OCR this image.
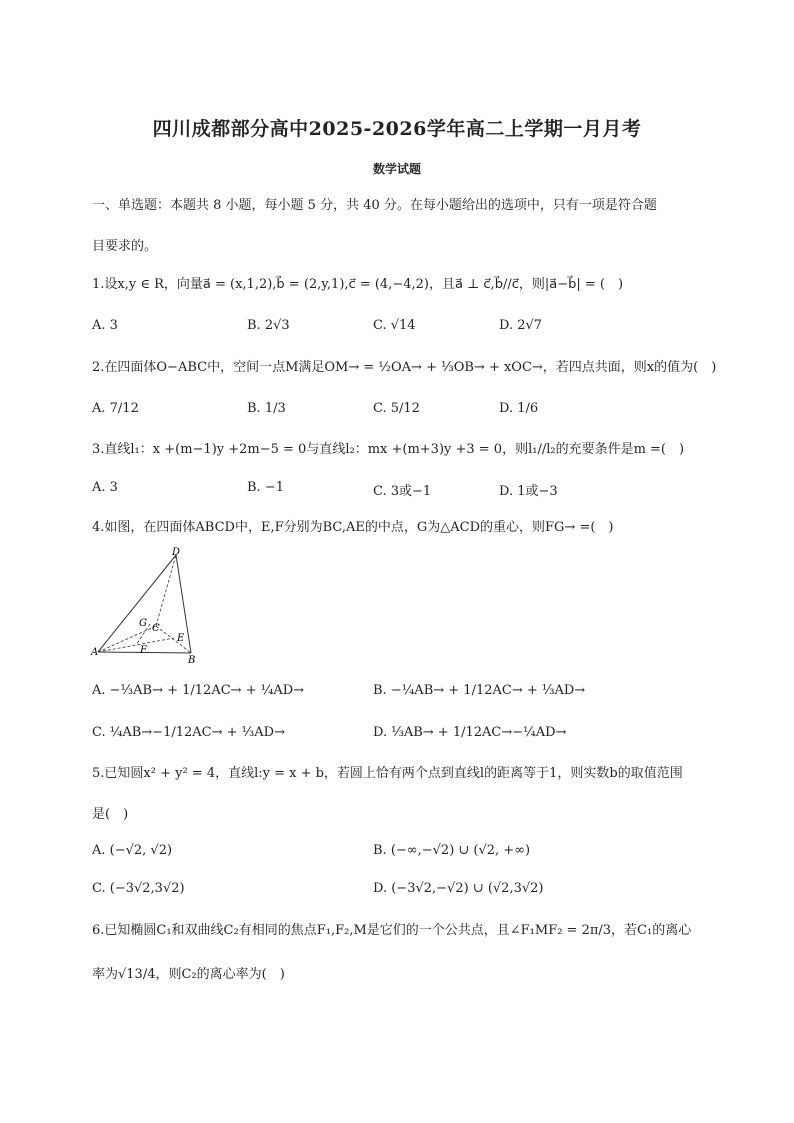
四川成都部分高中2025-2026学年高二上学期一月月考
数学试题
一、单选题：本题共 8 小题，每小题 5 分，共 40 分。在每小题给出的选项中，只有一项是符合题
目要求的。
1.设x,y ∈ R，向量a⃗ = (x,1,2),b⃗ = (2,y,1),c⃗ = (4,−4,2)，且a⃗ ⊥ c⃗,b⃗//c⃗，则|a⃗−b⃗| = (　)
A. 3	B. 2√3	C. √14	D. 2√7
2.在四面体O−ABC中，空间一点M满足OM→ = ½OA→ + ⅓OB→ + xOC→，若四点共面，则x的值为(　)
A. 7/12	B. 1/3	C. 5/12	D. 1/6
3.直线l₁：x +(m−1)y +2m−5 = 0与直线l₂：mx +(m+3)y +3 = 0，则l₁//l₂的充要条件是m =(　)
A. 3	B. −1	C. 3或−1	D. 1或−3
4.如图，在四面体ABCD中，E,F分别为BC,AE的中点，G为△ACD的重心，则FG→ =(　)
D
G C
E
A	F
B
A. −⅓AB→ + 1/12AC→ + ¼AD→	B. −¼AB→ + 1/12AC→ + ⅓AD→
C. ¼AB→−1/12AC→ + ⅓AD→	D. ⅓AB→ + 1/12AC→−¼AD→
5.已知圆x² + y² = 4，直线l:y = x + b，若圆上恰有两个点到直线l的距离等于1，则实数b的取值范围
是(　)
A. (−√2, √2)	B. (−∞,−√2) ∪ (√2, +∞)
C. (−3√2,3√2)	D. (−3√2,−√2) ∪ (√2,3√2)
6.已知椭圆C₁和双曲线C₂有相同的焦点F₁,F₂,M是它们的一个公共点，且∠F₁MF₂ = 2π/3，若C₁的离心
率为√13/4，则C₂的离心率为(　)
